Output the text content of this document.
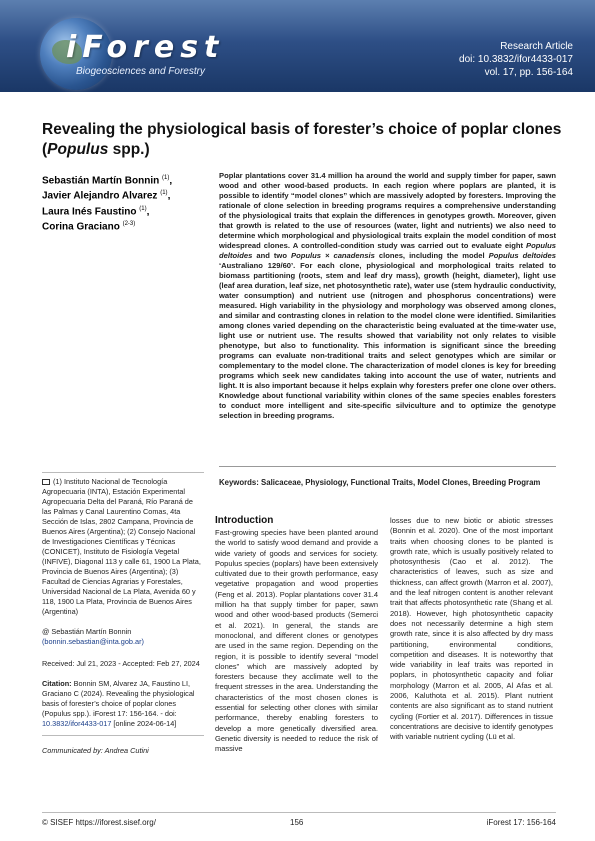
iForest
Biogeosciences and Forestry
Research Article
doi: 10.3832/ifor4433-017
vol. 17, pp. 156-164
Revealing the physiological basis of forester’s choice of poplar clones
(Populus spp.)
Sebastián Martín Bonnin $^{(1)}$,
Javier Alejandro Alvarez $^{(1)}$,
Laura Inés Faustino $^{(1)}$,
Corina Graciano $^{(2-3)}$
Poplar plantations cover 31.4 million ha around the world and supply timber for paper, sawn wood and other wood-based products. In each region where poplars are planted, it is possible to identify “model clones” which are massively adopted by foresters. Improving the rationale of clone selection in breeding programs requires a comprehensive understanding of the physiological traits that explain the differences in genotypes growth. Moreover, given that growth is related to the use of resources (water, light and nutrients) we also need to determine which morphological and physiological traits explain the model condition of most widespread clones. A controlled-condition study was carried out to evaluate eight Populus deltoides and two Populus × canadensis clones, including the model Populus deltoides ‘Australiano 129/60’. For each clone, physiological and morphological traits related to biomass partitioning (roots, stem and leaf dry mass), growth (height, diameter), light use (leaf area duration, leaf size, net photosynthetic rate), water use (stem hydraulic conductivity, water consumption) and nutrient use (nitrogen and phosphorus concentrations) were measured. High variability in the physiology and morphology was observed among clones, and similar and contrasting clones in relation to the model clone were identified. Similarities among clones varied depending on the characteristic being evaluated at the time-water use, light use or nutrient use. The results showed that variability not only relates to visible phenotype, but also to functionality. This information is significant since the breeding programs can evaluate non-traditional traits and select genotypes which are similar or complementary to the model clone. The characterization of model clones is key for breeding programs which seek new candidates taking into account the use of water, nutrients and light. It is also important because it helps explain why foresters prefer one clone over others. Knowledge about functional variability within clones of the same species enables foresters to conduct more intelligent and site-specific silviculture and to optimize the genotype selection in breeding programs.
Keywords: Salicaceae, Physiology, Functional Traits, Model Clones, Breeding Program
(1) Instituto Nacional de Tecnología Agropecuaria (INTA), Estación Experimental Agropecuaria Delta del Paraná, Río Paraná de las Palmas y Canal Laurentino Comas, 4ta Sección de Islas, 2802 Campana, Provincia de Buenos Aires (Argentina); (2) Consejo Nacional de Investigaciones Científicas y Técnicas (CONICET), Instituto de Fisiología Vegetal (INFIVE), Diagonal 113 y calle 61, 1900 La Plata, Provincia de Buenos Aires (Argentina); (3) Facultad de Ciencias Agrarias y Forestales, Universidad Nacional de La Plata, Avenida 60 y 118, 1900 La Plata, Provincia de Buenos Aires (Argentina)
@ Sebastián Martín Bonnin
(bonnin.sebastian@inta.gob.ar)
Received: Jul 21, 2023 - Accepted: Feb 27, 2024
Citation: Bonnin SM, Alvarez JA, Faustino LI, Graciano C (2024). Revealing the physiological basis of forester’s choice of poplar clones (Populus spp.). iForest 17: 156-164. - doi: 10.3832/ifor4433-017 [online 2024-06-14]
Communicated by: Andrea Cutini
Introduction
Fast-growing species have been planted around the world to satisfy wood demand and provide a wide variety of goods and services for society. Populus species (poplars) have been extensively cultivated due to their growth performance, easy vegetative propagation and wood properties (Feng et al. 2013). Poplar plantations cover 31.4 million ha that supply timber for paper, sawn wood and other wood-based products (Semerci et al. 2021). In general, the stands are monoclonal, and different clones or genotypes are used in the same region. Depending on the region, it is possible to identify several “model clones” which are massively adopted by foresters because they acclimate well to the frequent stresses in the area. Understanding the characteristics of the most chosen clones is essential for selecting other clones with similar performance, thereby enabling foresters to develop a more genetically diversified area. Genetic diversity is needed to reduce the risk of massive
losses due to new biotic or abiotic stresses (Bonnin et al. 2020). One of the most important traits when choosing clones to be planted is growth rate, which is usually positively related to photosynthesis (Cao et al. 2012). The characteristics of leaves, such as size and thickness, can affect growth (Marron et al. 2007), and the leaf nitrogen content is another relevant trait that affects photosynthetic rate (Shang et al. 2018). However, high photosynthetic capacity does not necessarily determine a high stem growth rate, since it is also affected by dry mass partitioning, environmental conditions, competition and diseases. It is noteworthy that wide variability in leaf traits was reported in poplars, in photosynthetic capacity and foliar morphology (Marron et al. 2005, Al Afas et al. 2006, Kaluthota et al. 2015). Plant nutrient contents are also significant as to stand nutrient cycling (Fortier et al. 2017). Differences in tissue concentrations are decisive to identify genotypes with variable nutrient cycling (Lü et al.
© SISEF https://iforest.sisef.org/	156	iForest 17: 156-164
